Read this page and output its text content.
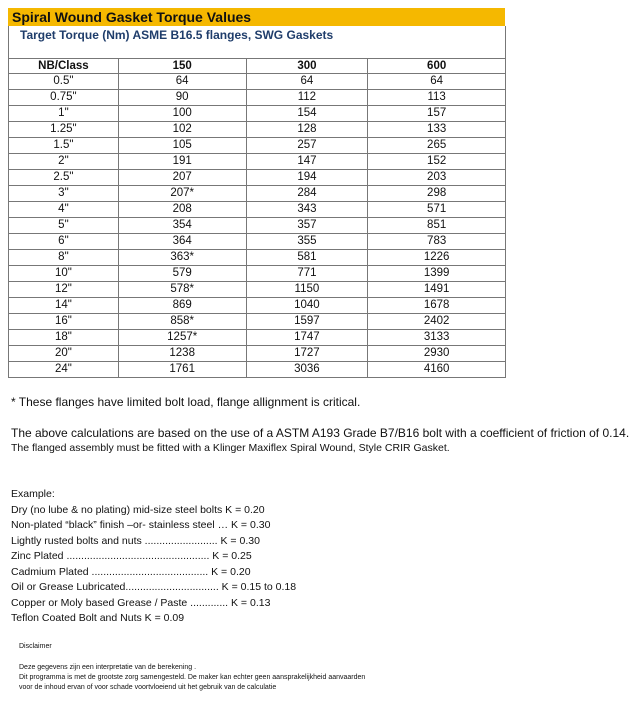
Spiral Wound Gasket Torque Values
Target Torque (Nm) ASME B16.5 flanges, SWG Gaskets
NB/Class	150	300	600
0.5"	64	64	64
0.75"	90	112	113
1"	100	154	157
1.25"	102	128	133
1.5"	105	257	265
2"	191	147	152
2.5"	207	194	203
3"	207*	284	298
4"	208	343	571
5"	354	357	851
6"	364	355	783
8"	363*	581	1226
10"	579	771	1399
12"	578*	1150	1491
14"	869	1040	1678
16"	858*	1597	2402
18"	1257*	1747	3133
20"	1238	1727	2930
24"	1761	3036	4160
* These flanges have limited bolt load, flange allignment is critical.
The above calculations are based on the use of a ASTM A193 Grade B7/B16 bolt with a coefficient of friction of 0.14.
The flanged assembly must be fitted with a Klinger Maxiflex Spiral Wound, Style CRIR Gasket.
Example:
Dry (no lube & no plating) mid-size steel bolts K = 0.20
Non-plated “black” finish –or- stainless steel … K = 0.30
Lightly rusted bolts and nuts ......................... K = 0.30
Zinc Plated ................................................. K = 0.25
Cadmium Plated ........................................ K = 0.20
Oil or Grease Lubricated................................ K = 0.15 to 0.18
Copper or Moly based Grease / Paste ............. K = 0.13
Teflon Coated Bolt and Nuts K = 0.09
Disclaimer
Deze gegevens zijn een interpretatie van de berekening .
Dit programma is met de grootste zorg samengesteld. De maker kan echter geen aansprakelijkheid aanvaarden
voor de inhoud ervan of voor schade voortvloeiend uit het gebruik van de calculatie
